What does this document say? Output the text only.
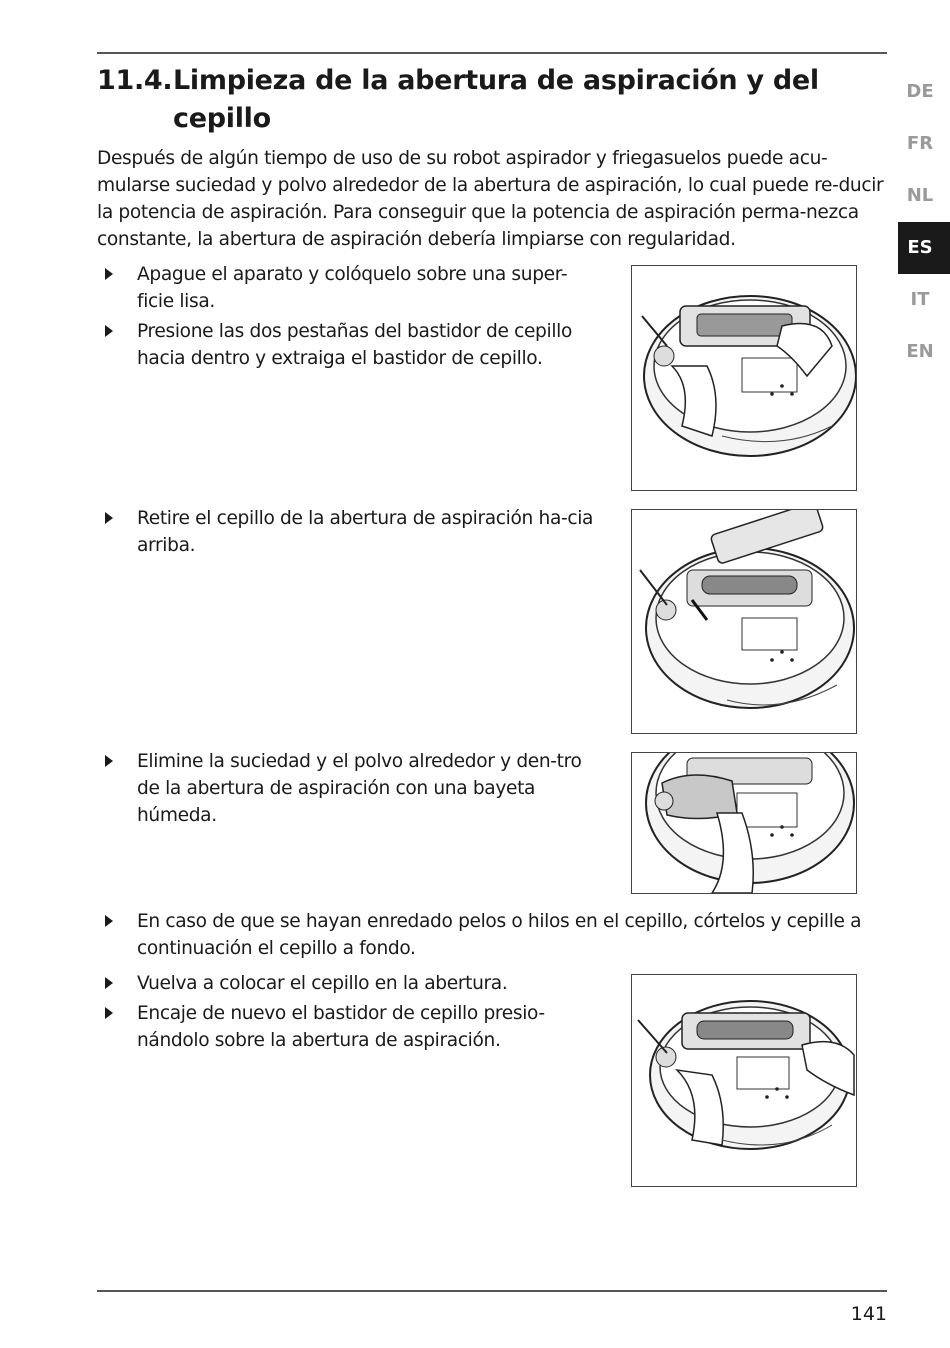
11.4.Limpieza de la abertura de aspiración y del cepillo
Después de algún tiempo de uso de su robot aspirador y friegasuelos puede acu-mularse suciedad y polvo alrededor de la abertura de aspiración, lo cual puede re-ducir la potencia de aspiración. Para conseguir que la potencia de aspiración perma-nezca constante, la abertura de aspiración debería limpiarse con regularidad.
Apague el aparato y colóquelo sobre una super-ficie lisa.
Presione las dos pestañas del bastidor de cepillo hacia dentro y extraiga el bastidor de cepillo.
Retire el cepillo de la abertura de aspiración ha-cia arriba.
Elimine la suciedad y el polvo alrededor y den-tro de la abertura de aspiración con una bayeta húmeda.
En caso de que se hayan enredado pelos o hilos en el cepillo, córtelos y cepille a continuación el cepillo a fondo.
Vuelva a colocar el cepillo en la abertura.
Encaje de nuevo el bastidor de cepillo presio-nándolo sobre la abertura de aspiración.
DE
FR
NL
ES
IT
EN
141
